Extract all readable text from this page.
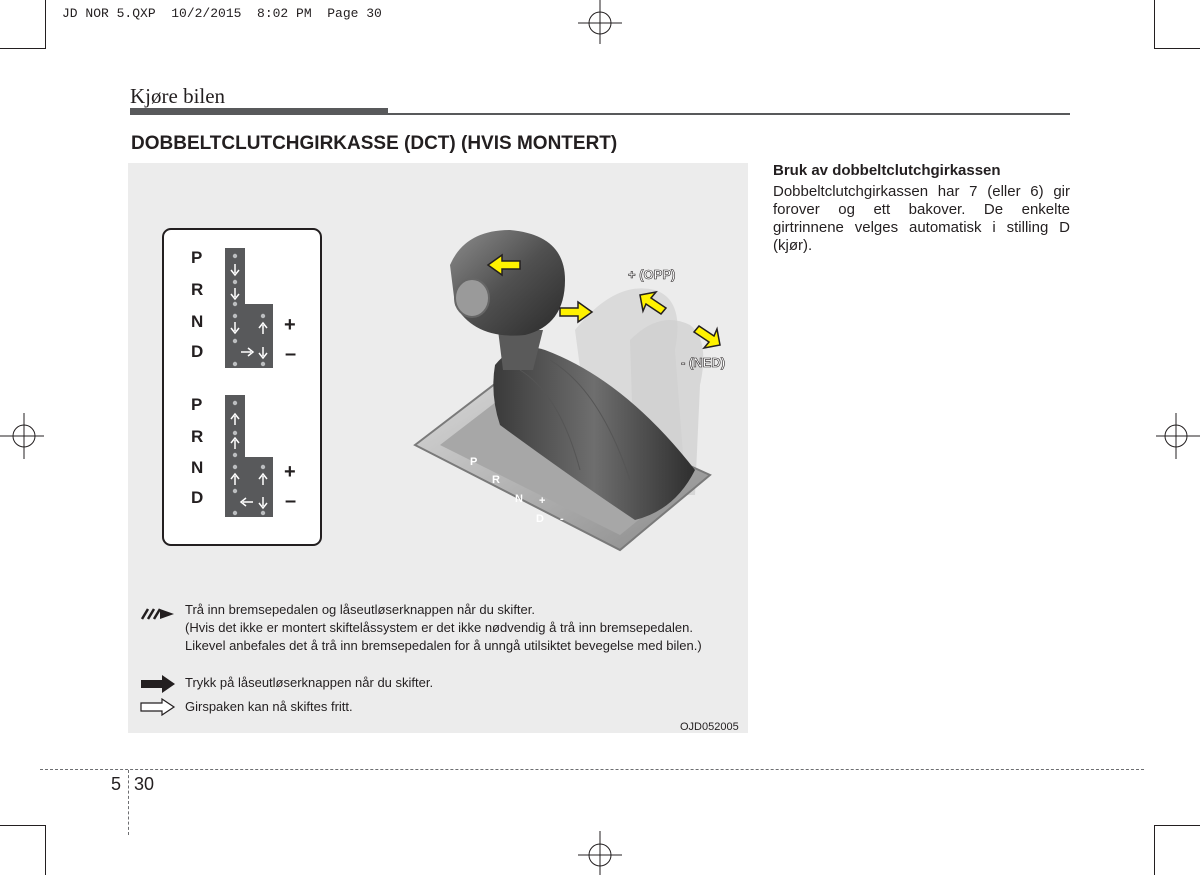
JD NOR 5.QXP  10/2/2015  8:02 PM  Page 30
Kjøre bilen
DOBBELTCLUTCHGIRKASSE (DCT) (HVIS MONTERT)
P
R
N
D
+
–
P
R
N
D
+
–
P
R
N
D
+
-
+ (OPP)
- (NED)
Trå inn bremsepedalen og låseutløserknappen når du skifter.
(Hvis det ikke er montert skiftelåssystem er det ikke nødvendig å trå inn bremsepedalen. Likevel anbefales det å trå inn bremsepedalen for å unngå utilsiktet bevegelse med bilen.)
Trykk på låseutløserknappen når du skifter.
Girspaken kan nå skiftes fritt.
OJD052005

Bruk av dobbeltclutchgirkassen

Dobbeltclutchgirkassen har 7 (eller 6) gir forover og ett bakover. De enkelte girtrinnene velges automatisk i stilling D (kjør).

5 30
